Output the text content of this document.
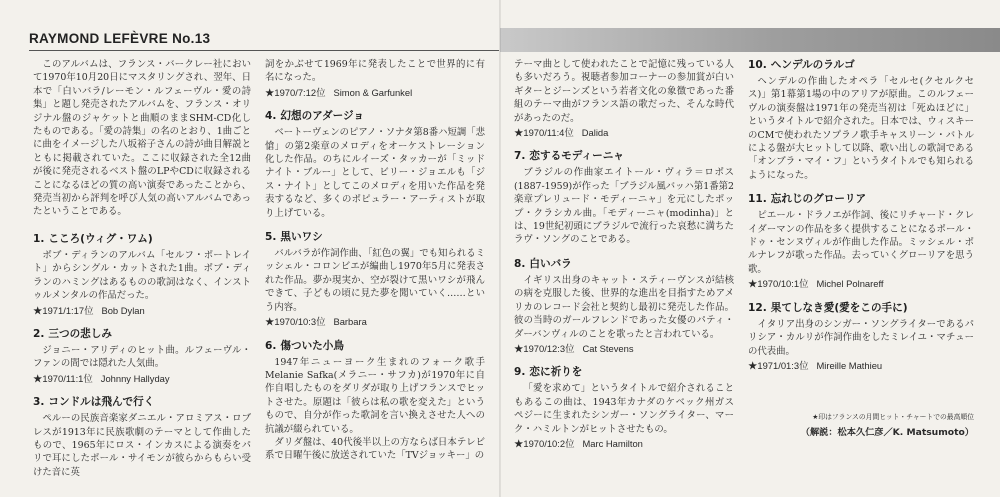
RAYMOND LEFÈVRE No.13

このアルバムは、フランス・バークレー社において1970年10月20日にマスタリングされ、翌年、日本で「白いバラ/レーモン・ルフェーヴル・愛の詩集」と題し発売されたアルバムを、フランス・オリジナル盤のジャケットと曲順のままSHM-CD化したものである。「愛の詩集」の名のとおり、1曲ごとに曲をイメージした八坂裕子さんの詩が曲目解説とともに掲載されていた。ここに収録された全12曲が後に発売されるベスト盤のLPやCDに収録されることになるほどの質の高い演奏であったことから、発売当初から評判を呼び人気の高いアルバムであったということである。

1. こころ(ウィグ・ワム)

ボブ・ディランのアルバム「セルフ・ポートレイト」からシングル・カットされた1曲。ボブ・ディランのハミングはあるものの歌詞はなく、インストゥルメンタルの作品だった。

★1971/1:17位 Bob Dylan
2. 三つの悲しみ

ジョニー・アリディのヒット曲。ルフェーヴル・ファンの間では隠れた人気曲。

★1970/11:1位 Johnny Hallyday
3. コンドルは飛んで行く

ペルーの民族音楽家ダニエル・アロミアス・ロブレスが1913年に民族歌劇のテーマとして作曲したもので、1965年にロス・インカスによる演奏をパリで耳にしたポール・サイモンが彼らからもらい受けた音に英

詞をかぶせて1969年に発表したことで世界的に有名になった。

★1970/7:12位 Simon & Garfunkel
4. 幻想のアダージョ

ベートーヴェンのピアノ・ソナタ第8番ハ短調「悲愴」の第2楽章のメロディをオーケストレーション化した作品。のちにルイーズ・タッカーが「ミッドナイト・ブルー」として、ビリー・ジョエルも「ジス・ナイト」としてこのメロディを用いた作品を発表するなど、多くのポピュラー・アーティストが取り上げている。

5. 黒いワシ

バルバラが作詞作曲、「紅色の翼」でも知られるミッシェル・コロンビエが編曲し1970年5月に発表された作品。夢か現実か、空が裂けて黒いワシが飛んできて、子どもの頃に見た夢を聞いていく……という内容。

★1970/10:3位 Barbara
6. 傷ついた小鳥

1947年ニューヨーク生まれのフォーク歌手Melanie Safka(メラニー・サフカ)が1970年に自作自唱したものをダリダが取り上げフランスでヒットさせた。原題は「彼らは私の歌を変えた」というもので、自分が作った歌詞を言い換えさせた人への抗議が綴られている。

ダリダ盤は、40代後半以上の方ならば日本テレビ系で日曜午後に放送されていた「TVジョッキー」の

テーマ曲として使われたことで記憶に残っている人も多いだろう。視聴者参加コーナーの参加賞が白いギターとジーンズという若者文化の象徴であった番組のテーマ曲がフランス語の歌だった、そんな時代があったのだ。

★1970/11:4位 Dalida
7. 恋するモディーニャ

ブラジルの作曲家エイトール・ヴィラ＝ロボス(1887-1959)が作った「ブラジル風バッハ第1番第2楽章プレリュード・モディーニャ」を元にしたポップ・クラシカル曲。「モディーニャ(modinha)」とは、19世紀初頭にブラジルで流行った哀愁に満ちたラヴ・ソングのことである。

8. 白いバラ

イギリス出身のキャット・スティーヴンスが結核の病を克服した後、世界的な進出を目指すためアメリカのレコード会社と契約し最初に発売した作品。彼の当時のガールフレンドであった女優のパティ・ダーバンヴィルのことを歌ったと言われている。

★1970/12:3位 Cat Stevens
9. 恋に祈りを

「愛を求めて」というタイトルで紹介されることもあるこの曲は、1943年カナダのケベック州ガスペジーに生まれたシンガー・ソングライター、マーク・ハミルトンがヒットさせたもの。

★1970/10:2位 Marc Hamilton
10. ヘンデルのラルゴ

ヘンデルの作曲したオペラ「セルセ(クセルクセス)」第1幕第1場の中のアリアが原曲。このルフェーヴルの演奏盤は1971年の発売当初は「死ぬほどに」というタイトルで紹介された。日本では、ウィスキーのCMで使われたソプラノ歌手キャスリーン・バトルによる盤が大ヒットして以降、歌い出しの歌詞である「オンブラ・マイ・フ」というタイトルでも知られるようになった。

11. 忘れじのグローリア

ピエール・ドラノエが作詞、後にリチャード・クレイダーマンの作品を多く提供することになるポール・ドゥ・センヌヴィルが作曲した作品。ミッシェル・ポルナレフが歌った作品。去っていくグローリアを思う歌。

★1970/10:1位 Michel Polnareff
12. 果てしなき愛(愛をこの手に)

イタリア出身のシンガー・ソングライターであるパリシア・カルリが作詞作曲をしたミレイユ・マチューの代表曲。

★1971/01:3位 Mireille Mathieu
★印はフランスの月間ヒット・チャートでの最高順位
（解説：松本久仁彦／K. Matsumoto）
